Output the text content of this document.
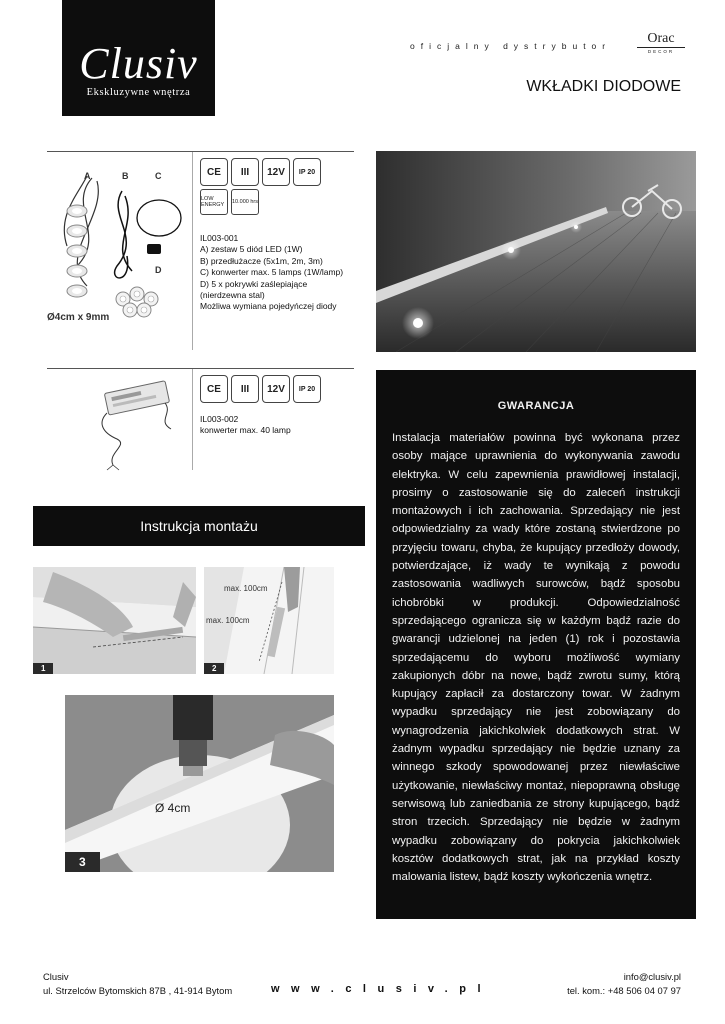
Clusiv
Ekskluzywne wnętrza
oficjalny dystrybutor	Orac
DECOR
WKŁADKI DIODOWE
A	B	C
D
Ø4cm x 9mm
CE	III	12V	IP 20
LOW ENERGY	10.000 hrs
IL003-001
A) zestaw 5 diód LED (1W)
B) przedłużacze (5x1m, 2m, 3m)
C) konwerter max. 5 lamps (1W/lamp)
D) 5 x pokrywki zaślepiające
(nierdzewna stal)
Możliwa wymiana pojedyńczej diody
CE	III	12V	IP 20
IL003-002
konwerter max. 40 lamp
GWARANCJA

Instalacja materiałów powinna być wykonana przez osoby mające uprawnienia do wykonywania zawodu elektryka. W celu zapewnienia prawidłowej instalacji, prosimy o zastosowanie się do zaleceń instrukcji montażowych i ich zachowania. Sprzedający nie jest odpowiedzialny za wady które zostaną stwierdzone po przyjęciu towaru, chyba, że kupujący przedłoży dowody, potwierdzające, iż wady te wynikają z powodu zastosowania wadliwych surowców, bądź sposobu ichobróbki w produkcji. Odpowiedzialność sprzedającego ogranicza się w każdym bądź razie do gwarancji udzielonej na jeden (1) rok i pozostawia sprzedającemu do wyboru możliwość wymiany zakupionych dóbr na nowe, bądź zwrotu sumy, którą kupujący zapłacił za dostarczony towar. W żadnym wypadku sprzedający nie jest zobowiązany do wynagrodzenia jakichkolwiek dodatkowych strat. W żadnym wypadku sprzedający nie będzie uznany za winnego szkody spowodowanej przez niewłaściwe użytkowanie, niewłaściwy montaż, niepoprawną obsługę serwisową lub zaniedbania ze strony kupującego, bądź stron trzecich. Sprzedający nie będzie w żadnym wypadku zobowiązany do pokrycia jakichkolwiek kosztów dodatkowych strat, jak na przykład koszty malowania listew, bądź koszty wykończenia wnętrz.

Instrukcja montażu
1
max. 100cm
max. 100cm
2
Ø 4cm
3
Clusiv
ul. Strzelców Bytomskich 87B , 41-914 Bytom	www.clusiv.pl
info@clusiv.pl
tel. kom.: +48 506 04 07 97
